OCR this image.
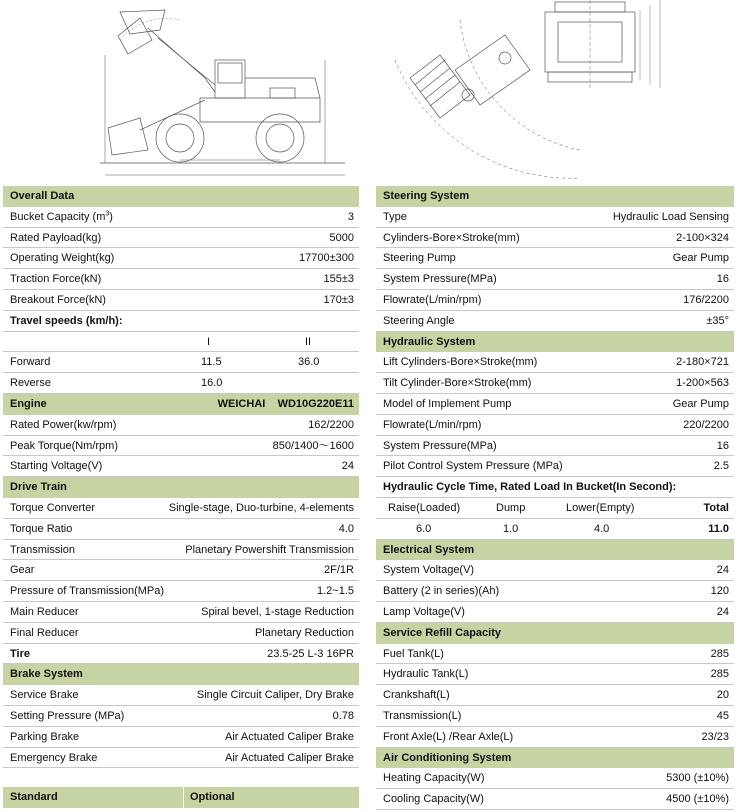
Overall Data
Bucket Capacity $(m^3)$	3
Rated Payload(kg)	5000
Operating Weight(kg)	17700±300
Traction Force(kN)	155±3
Breakout Force(kN)	170±3
Travel speeds (km/h):
I	II
Forward	11.5	36.0
Reverse	16.0
Engine	WEICHAI WD10G220E11
Rated Power(kw/rpm)	162/2200
Peak Torque(Nm/rpm)	850/1400～1600
Starting Voltage(V)	24
Drive Train
Torque Converter	Single-stage, Duo-turbine, 4-elements
Torque Ratio	4.0
Transmission	Planetary Powershift Transmission
Gear	2F/1R
Pressure of Transmission(MPa)	1.2~1.5
Main Reducer	Spiral bevel, 1-stage Reduction
Final Reducer	Planetary Reduction
Tire	23.5-25 L-3 16PR
Brake System
Service Brake	Single Circuit Caliper, Dry Brake
Setting Pressure (MPa)	0.78
Parking Brake	Air Actuated Caliper Brake
Emergency Brake	Air Actuated Caliper Brake
Standard	Optional
Steering System
Type	Hydraulic Load Sensing
Cylinders-Bore×Stroke(mm)	2-100×324
Steering Pump	Gear Pump
System Pressure(MPa)	16
Flowrate(L/min/rpm)	176/2200
Steering Angle	±35°
Hydraulic System
Lift Cylinders-Bore×Stroke(mm)	2-180×721
Tilt Cylinder-Bore×Stroke(mm)	1-200×563
Model of Implement Pump	Gear Pump
Flowrate(L/min/rpm)	220/2200
System Pressure(MPa)	16
Pilot Control System Pressure (MPa)	2.5
Hydraulic Cycle Time, Rated Load In Bucket(In Second):
Raise(Loaded)	Dump	Lower(Empty)	Total
6.0	1.0	4.0	11.0
Electrical System
System Voltage(V)	24
Battery (2 in series)(Ah)	120
Lamp Voltage(V)	24
Service Refill Capacity
Fuel Tank(L)	285
Hydraulic Tank(L)	285
Crankshaft(L)	20
Transmission(L)	45
Front Axle(L) /Rear Axle(L)	23/23
Air Conditioning System
Heating Capacity(W)	5300 (±10%)
Cooling Capacity(W)	4500 (±10%)
